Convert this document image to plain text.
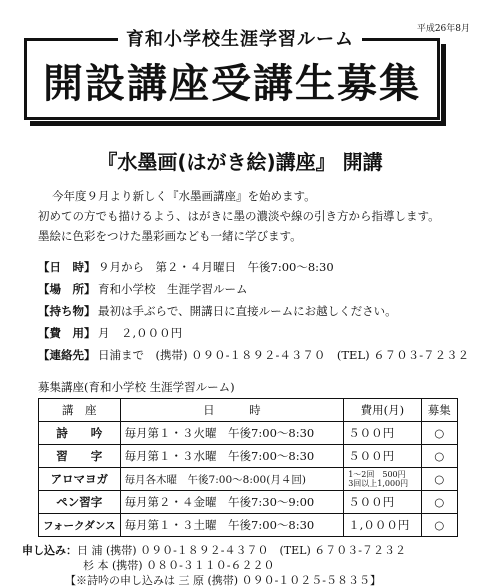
平成26年8月
育和小学校生涯学習ルーム
開設講座受講生募集
『水墨画(はがき絵)講座』 開講
今年度９月より新しく『水墨画講座』を始めます。
初めての方でも描けるよう、はがきに墨の濃淡や線の引き方から指導します。
墨絵に色彩をつけた墨彩画なども一緒に学びます。
【日　時】 ９月から　第２・４月曜日　午後7:00～8:30
【場　所】 育和小学校　生涯学習ルーム
【持ち物】 最初は手ぶらで、開講日に直接ルームにお越しください。
【費　用】 月　２,０００円
【連絡先】 日浦まで　(携帯) ０９０-１８９２-４３７０　(TEL) ６７０３-７２３２
募集講座(育和小学校 生涯学習ルーム)
講　座	日　　　時	費用(月)	募集
詩　　吟	毎月第１・３火曜　午後7:00～8:30	５００円	○
習　　字	毎月第１・３水曜　午後7:00～8:30	５００円	○
アロマヨガ	毎月各木曜　午後7:00～8:00(月４回)	1～2回　500円
3回以上1,000円	○
ペン習字	毎月第２・４金曜　午後7:30～9:00	５００円	○
フォークダンス	毎月第１・３土曜　午後7:00～8:30	１,０００円	○
申し込み：日 浦 (携帯) ０９０-１８９２-４３７０　(TEL) ６７０３-７２３２
杉 本 (携帯) ０８０-３１１０-６２２０
【※詩吟の申し込みは 三 原 (携帯) ０９０-１０２５-５８３５】
